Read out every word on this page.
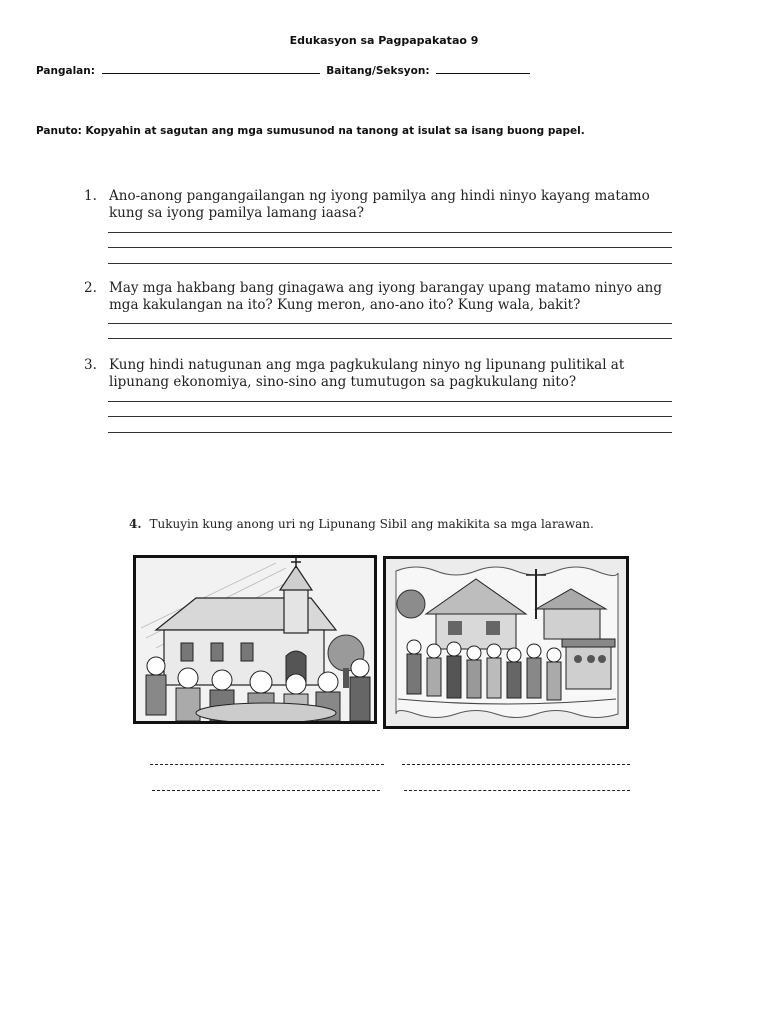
Edukasyon sa Pagpapakatao 9
Pangalan:	Baitang/Seksyon:
Panuto: Kopyahin at sagutan ang mga sumusunod na tanong at isulat sa isang buong papel.
1. Ano-anong pangangailangan ng iyong pamilya ang hindi ninyo kayang matamo kung sa iyong pamilya lamang iaasa?
2. May mga hakbang bang ginagawa ang iyong barangay upang matamo ninyo ang mga kakulangan na ito? Kung meron, ano-ano ito? Kung wala, bakit?
3. Kung hindi natugunan ang mga pagkukulang ninyo ng lipunang pulitikal at lipunang ekonomiya, sino-sino ang tumutugon sa pagkukulang nito?
4. Tukuyin kung anong uri ng Lipunang Sibil ang makikita sa mga larawan.
